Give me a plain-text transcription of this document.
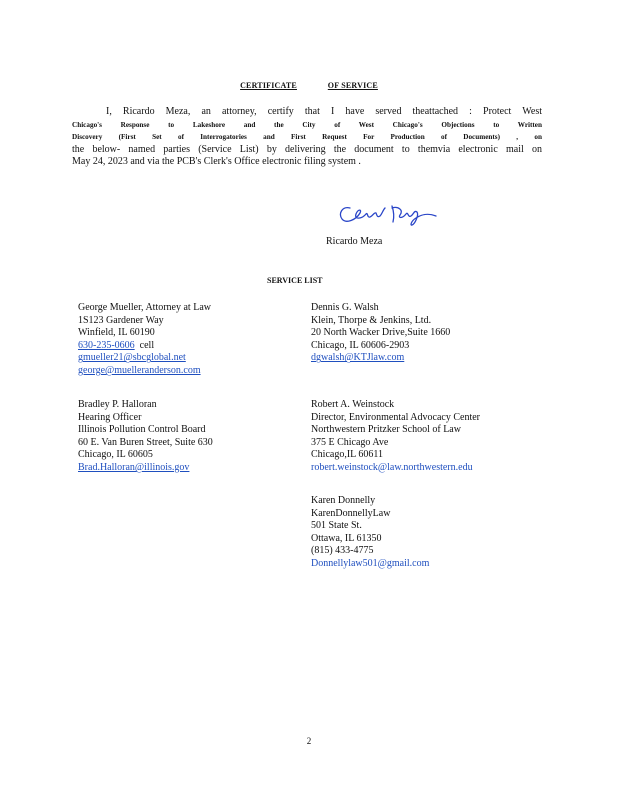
CERTIFICATE	OF SERVICE

I, Ricardo Meza, an attorney, certify that I have served theattached : Protect West

Chicago's Response to Lakeshore and the City of West Chicago's Objections to Written

Discovery (First Set of Interrogatories and First Request For Production of Documents) , on

the below- named parties (Service List) by delivering the document to themvia electronic mail on

May 24, 2023 and via the PCB's Clerk's Office electronic filing system .

Ricardo Meza
SERVICE LIST
George Mueller, Attorney at Law
1S123 Gardener Way
Winfield, IL 60190
630-235-0606 cell
gmueller21@sbcglobal.net
george@muelleranderson.com
Bradley P. Halloran
Hearing Officer
Illinois Pollution Control Board
60 E. Van Buren Street, Suite 630
Chicago, IL 60605
Brad.Halloran@illinois.gov
Dennis G. Walsh
Klein, Thorpe & Jenkins, Ltd.
20 North Wacker Drive,Suite 1660
Chicago, IL 60606-2903
dgwalsh@KTJlaw.com
Robert A. Weinstock
Director, Environmental Advocacy Center
Northwestern Pritzker School of Law
375 E Chicago Ave
Chicago,IL 60611
robert.weinstock@law.northwestern.edu
Karen Donnelly
KarenDonnellyLaw
501 State St.
Ottawa, IL 61350
(815) 433-4775
Donnellylaw501@gmail.com
2
